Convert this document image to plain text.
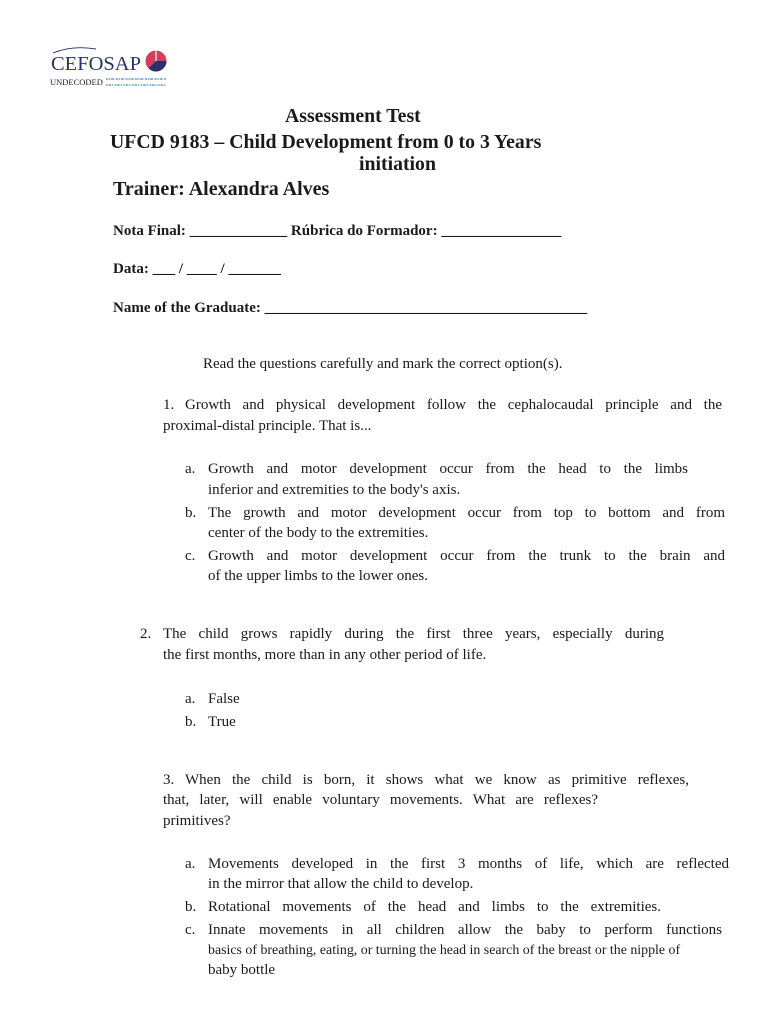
CEFOSAP
UNDECODED
Assessment Test
UFCD 9183 – Child Development from 0 to 3 Years
initiation
Trainer: Alexandra Alves
Nota Final: _____________ Rúbrica do Formador: ________________
Data: ___ / ____ / _______
Name of the Graduate: ___________________________________________
Read the questions carefully and mark the correct option(s).
1. Growth and physical development follow the cephalocaudal principle and the
proximal-distal principle. That is...
a. Growth and motor development occur from the head to the limbs
inferior and extremities to the body's axis.
b. The growth and motor development occur from top to bottom and from
center of the body to the extremities.
c. Growth and motor development occur from the trunk to the brain and
of the upper limbs to the lower ones.
2. The child grows rapidly during the first three years, especially during
the first months, more than in any other period of life.
a. False
b. True
3. When the child is born, it shows what we know as primitive reflexes,
that, later, will enable voluntary movements. What are reflexes?
primitives?
a. Movements developed in the first 3 months of life, which are reflected
in the mirror that allow the child to develop.
b. Rotational movements of the head and limbs to the extremities.
c. Innate movements in all children allow the baby to perform functions
basics of breathing, eating, or turning the head in search of the breast or the nipple of
baby bottle
